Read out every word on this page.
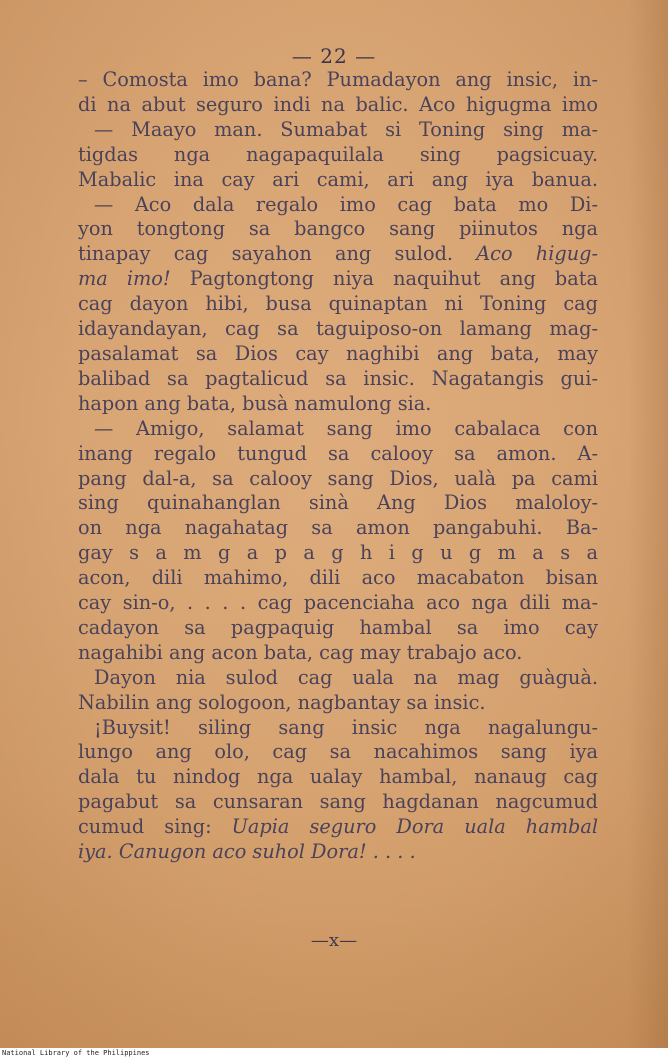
— 22 —
– Comosta imo bana? Pumadayon ang insic, in-
di na abut seguro indi na balic. Aco higugma imo
— Maayo man. Sumabat si Toning sing ma-
tigdas nga nagapaquilala sing pagsicuay.
Mabalic ina cay ari cami, ari ang iya banua.
— Aco dala regalo imo cag bata mo Di-
yon tongtong sa bangco sang piinutos nga
tinapay cag sayahon ang sulod. Aco higug-
ma imo! Pagtongtong niya naquihut ang bata
cag dayon hibi, busa quinaptan ni Toning cag
idayandayan, cag sa taguiposo-on lamang mag-
pasalamat sa Dios cay naghibi ang bata, may
balibad sa pagtalicud sa insic. Nagatangis gui-
hapon ang bata, busà namulong sia.
— Amigo, salamat sang imo cabalaca con
inang regalo tungud sa calooy sa amon. A-
pang dal-a, sa calooy sang Dios, ualà pa cami
sing quinahanglan sinà Ang Dios maloloy-
on nga nagahatag sa amon pangabuhi. Ba-
gay s a m g a p a g h i g u g m a s a
acon, dili mahimo, dili aco macabaton bisan
cay sin-o, . . . . cag pacenciaha aco nga dili ma-
cadayon sa pagpaquig hambal sa imo cay
nagahibi ang acon bata, cag may trabajo aco.
Dayon nia sulod cag uala na mag guàguà.
Nabilin ang sologoon, nagbantay sa insic.
¡Buysit! siling sang insic nga nagalungu-
lungo ang olo, cag sa nacahimos sang iya
dala tu nindog nga ualay hambal, nanaug cag
pagabut sa cunsaran sang hagdanan nagcumud
cumud sing: Uapia seguro Dora uala hambal
iya. Canugon aco suhol Dora! . . . .
—x—
National Library of the Philippines
